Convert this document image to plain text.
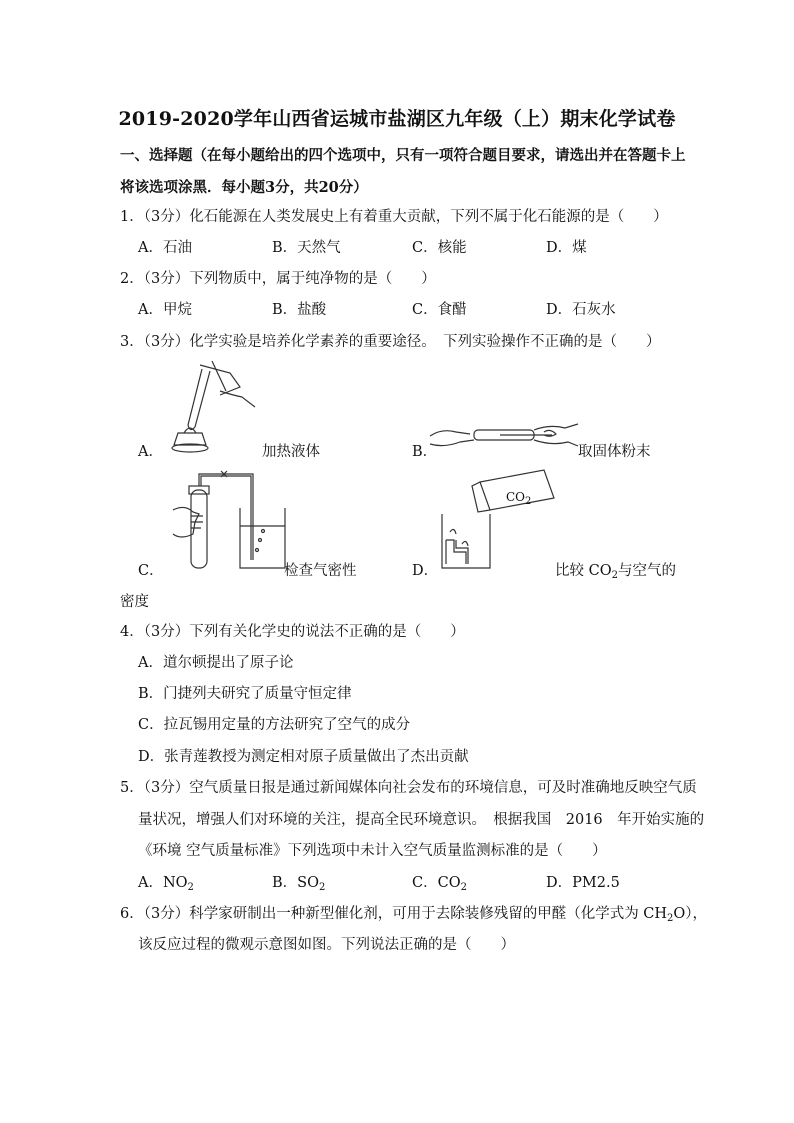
2019-2020学年山西省运城市盐湖区九年级（上）期末化学试卷
一、选择题（在每小题给出的四个选项中，只有一项符合题目要求，请选出并在答题卡上
将该选项涂黑．每小题3分，共20分）
1．（3分）化石能源在人类发展史上有着重大贡献，下列不属于化石能源的是（　　）
A．石油	B．天然气	C．核能	D．煤
2．（3分）下列物质中，属于纯净物的是（　　）
A．甲烷	B．盐酸	C．食醋	D．石灰水
3．（3分）化学实验是培养化学素养的重要途径。　下列实验操作不正确的是（　　）
A．	加热液体	B．	取固体粉末
C．	检查气密性
$CO_2$
D．	比较 $CO_2$与空气的
密度
4．（3分）下列有关化学史的说法不正确的是（　　）
A．道尔顿提出了原子论
B．门捷列夫研究了质量守恒定律
C．拉瓦锡用定量的方法研究了空气的成分
D．张青莲教授为测定相对原子质量做出了杰出贡献
5．（3分）空气质量日报是通过新闻媒体向社会发布的环境信息，可及时准确地反映空气质
量状况，增强人们对环境的关注，提高全民环境意识。　根据我国　2016　年开始实施的
《环境 空气质量标准》下列选项中未计入空气质量监测标准的是（　　）
A．$NO_2$	B．$SO_2$	C．$CO_2$	D．PM2.5
6．（3分）科学家研制出一种新型催化剂，可用于去除装修残留的甲醛（化学式为 $CH_2O$），
该反应过程的微观示意图如图。下列说法正确的是（　　）
